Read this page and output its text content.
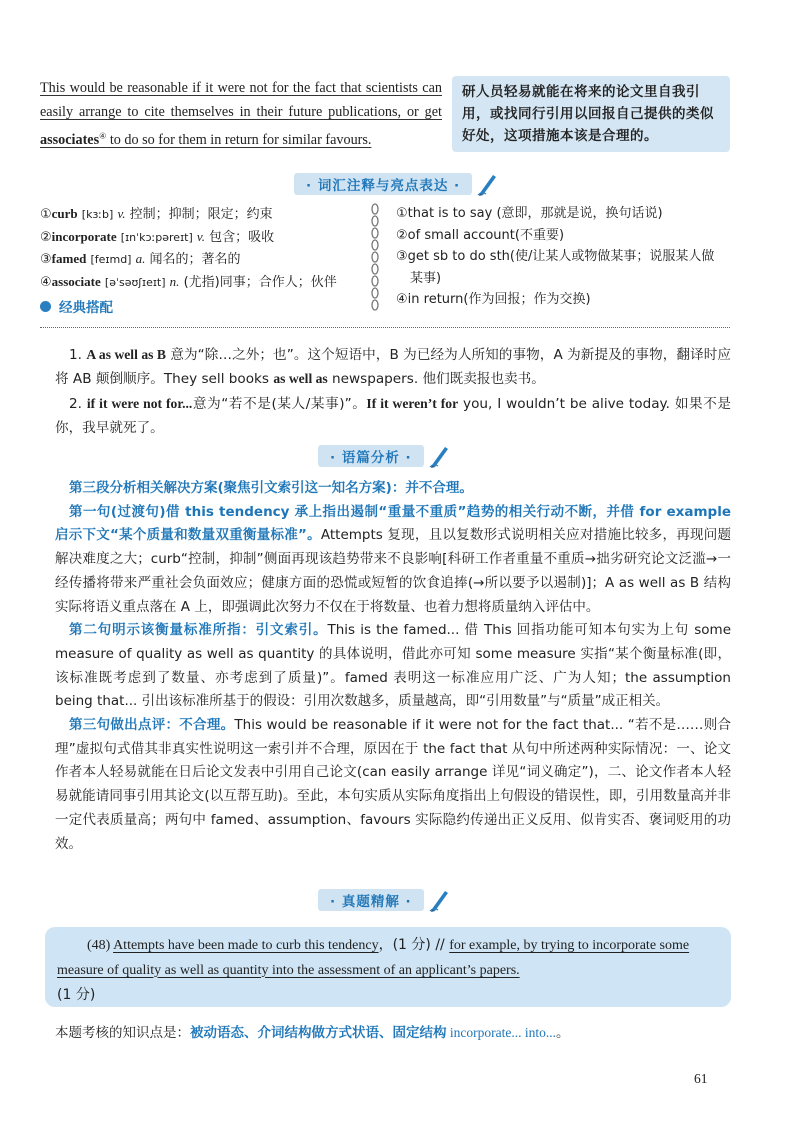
This would be reasonable if it were not for the fact that scientists can easily arrange to cite themselves in their future publications, or get associates④ to do so for them in return for similar favours.
研人员轻易就能在将来的论文里自我引用，或找同行引用以回报自己提供的类似好处，这项措施本该是合理的。
· 词汇注释与亮点表达 ·
①curb [kɜːb] v. 控制；抑制；限定；约束
②incorporate [ɪnˈkɔːpəreɪt] v. 包含；吸收
③famed [feɪmd] a. 闻名的；著名的
④associate [əˈsəʊʃɪeɪt] n. (尤指)同事；合作人；伙伴
①that is to say (意即，那就是说，换句话说)
②of small account(不重要)
③get sb to do sth(使/让某人或物做某事；说服某人做
某事)
④in return(作为回报；作为交换)
经典搭配
1. A as well as B 意为“除…之外；也”。这个短语中，B 为已经为人所知的事物，A 为新提及的事物，翻译时应将 AB 颠倒顺序。They sell books as well as newspapers. 他们既卖报也卖书。
2. if it were not for...意为“若不是(某人/某事)”。If it weren’t for you, I wouldn’t be alive today. 如果不是你，我早就死了。
· 语篇分析 ·

第三段分析相关解决方案(聚焦引文索引这一知名方案)：并不合理。

第一句(过渡句)借 this tendency 承上指出遏制“重量不重质”趋势的相关行动不断，并借 for example 启示下文“某个质量和数量双重衡量标准”。Attempts 复现，且以复数形式说明相关应对措施比较多，再现问题解决难度之大；curb“控制，抑制”侧面再现该趋势带来不良影响[科研工作者重量不重质→拙劣研究论文泛滥→一经传播将带来严重社会负面效应；健康方面的恐慌或短暂的饮食追捧(→所以要予以遏制)]；A as well as B 结构实际将语义重点落在 A 上，即强调此次努力不仅在于将数量、也着力想将质量纳入评估中。

第二句明示该衡量标准所指：引文索引。This is the famed... 借 This 回指功能可知本句实为上句 some measure of quality as well as quantity 的具体说明，借此亦可知 some measure 实指“某个衡量标准(即，该标准既考虑到了数量、亦考虑到了质量)”。famed 表明这一标准应用广泛、广为人知；the assumption being that... 引出该标准所基于的假设：引用次数越多，质量越高，即“引用数量”与“质量”成正相关。

第三句做出点评：不合理。This would be reasonable if it were not for the fact that... “若不是……则合理”虚拟句式借其非真实性说明这一索引并不合理，原因在于 the fact that 从句中所述两种实际情况：一、论文作者本人轻易就能在日后论文发表中引用自己论文(can easily arrange 详见“词义确定”)，二、论文作者本人轻易就能请同事引用其论文(以互帮互助)。至此，本句实质从实际角度指出上句假设的错误性，即，引用数量高并非一定代表质量高；两句中 famed、assumption、favours 实际隐约传递出正义反用、似肯实否、褒词贬用的功效。

· 真题精解 ·
(48) Attempts have been made to curb this tendency，(1 分) // for example, by trying to incorporate some measure of quality as well as quantity into the assessment of an applicant’s papers.
(1 分)
本题考核的知识点是：被动语态、介词结构做方式状语、固定结构 incorporate... into...。
61
